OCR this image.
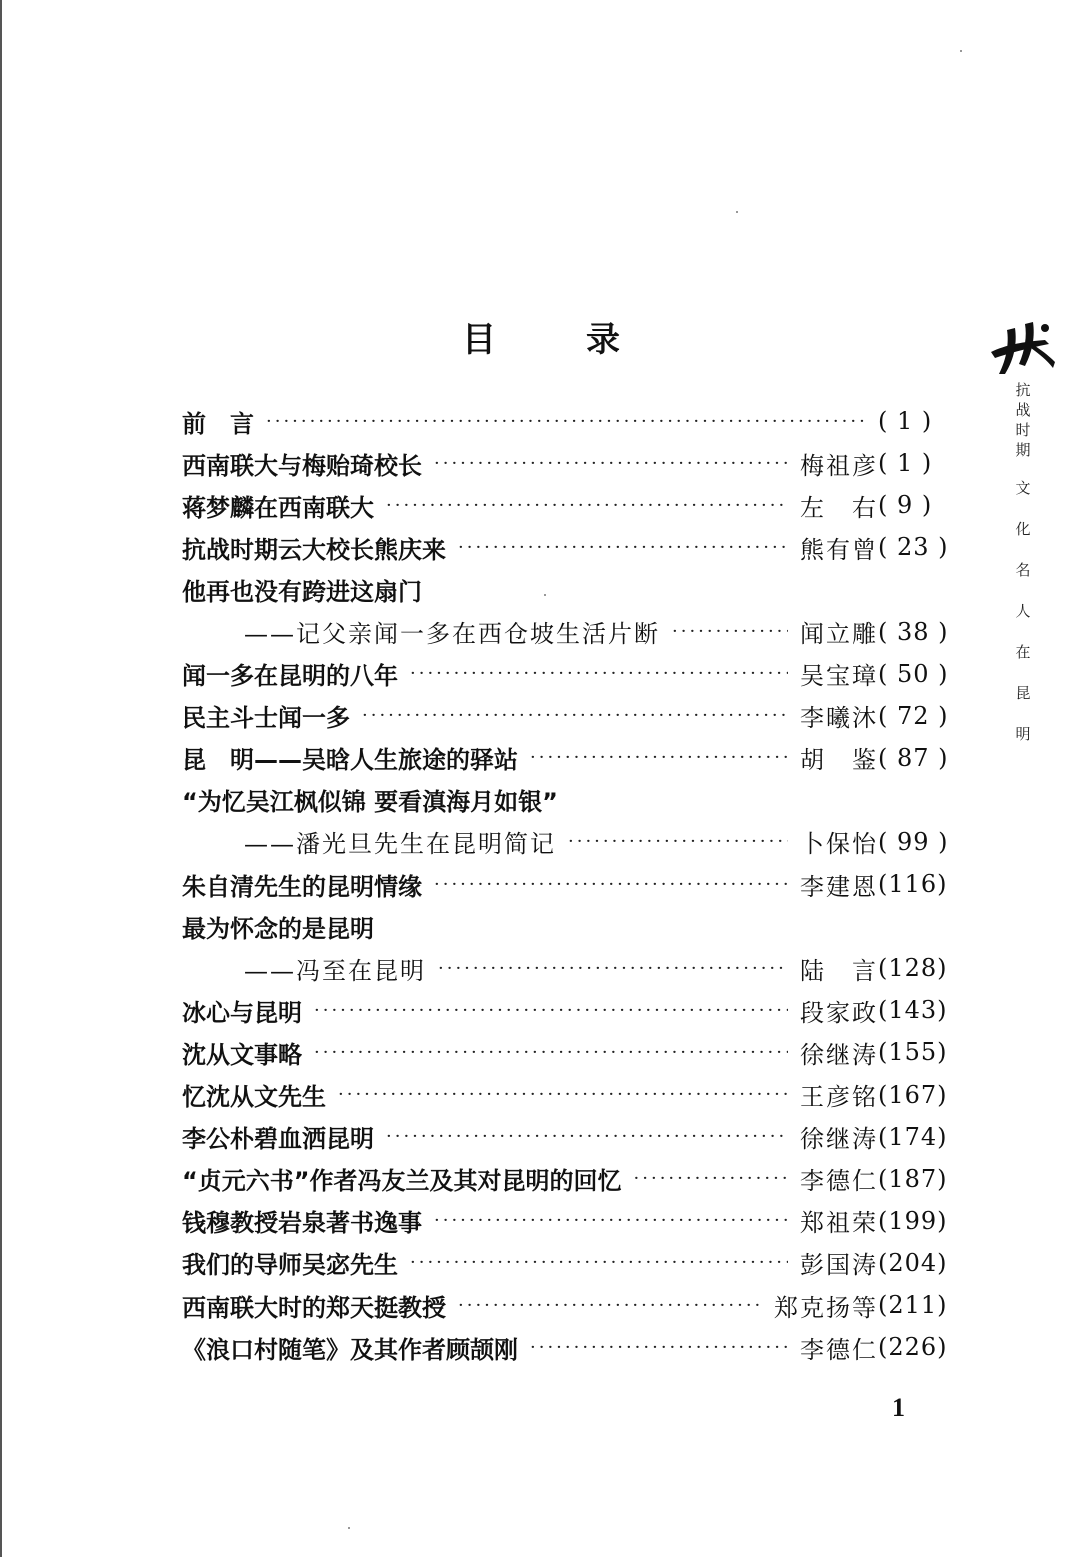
目	录
前　言 ·····	( 1 )
西南联大与梅贻琦校长 ·····	梅祖彦 ( 1 )
蒋梦麟在西南联大 ·····	左　右 ( 9 )
抗战时期云大校长熊庆来 ·····	熊有曾 ( 23 )
他再也没有跨进这扇门
——记父亲闻一多在西仓坡生活片断 ·····	闻立雕 ( 38 )
闻一多在昆明的八年 ·····	吴宝璋 ( 50 )
民主斗士闻一多 ·····	李曦沐 ( 72 )
昆　明——吴晗人生旅途的驿站 ·····	胡　鉴 ( 87 )
“为忆吴江枫似锦 要看滇海月如银”
——潘光旦先生在昆明简记 ·····	卜保怡 ( 99 )
朱自清先生的昆明情缘 ·····	李建恩 (116)
最为怀念的是昆明
——冯至在昆明 ·····	陆　言 (128)
冰心与昆明 ·····	段家政 (143)
沈从文事略 ·····	徐继涛 (155)
忆沈从文先生 ·····	王彦铭 (167)
李公朴碧血洒昆明 ·····	徐继涛 (174)
“贞元六书”作者冯友兰及其对昆明的回忆 ·····	李德仁 (187)
钱穆教授岩泉著书逸事 ·····	郑祖荣 (199)
我们的导师吴宓先生 ·····	彭国涛 (204)
西南联大时的郑天挺教授 ·····	郑克扬等 (211)
《浪口村随笔》及其作者顾颉刚 ·····	李德仁 (226)
抗
战
时
期
文
化
名
人
在
昆
明
1
